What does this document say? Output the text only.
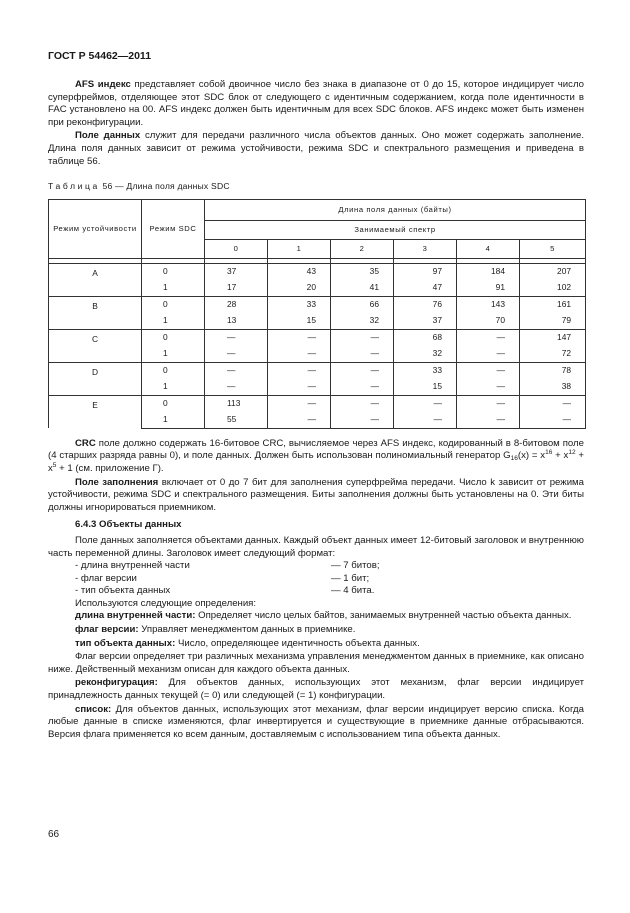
ГОСТ Р 54462—2011

AFS индекс представляет собой двоичное число без знака в диапазоне от 0 до 15, которое индицирует число суперфреймов, отделяющее этот SDC блок от следующего с идентичным содержанием, когда поле идентичности в FAC установлено на 00. AFS индекс должен быть идентичным для всех SDC блоков. AFS индекс может быть изменен при реконфигурации.

Поле данных служит для передачи различного числа объектов данных. Оно может содержать заполнение. Длина поля данных зависит от режима устойчивости, режима SDC и спектрального размещения и приведена в таблице 56.

Таблица 56 — Длина поля данных SDC
Режим устойчивости	Режим SDC	Длина поля данных (байты)					
		Занимаемый спектр					
		0	1	2	3	4	5

A	0	37	43	35	97	184	207
	1	17	20	41	47	91	102
B	0	28	33	66	76	143	161
	1	13	15	32	37	70	79
C	0	—	—	—	68	—	147
	1	—	—	—	32	—	72
D	0	—	—	—	33	—	78
	1	—	—	—	15	—	38
E	0	113	—	—	—	—	—
	1	55	—	—	—	—	—

CRC поле должно содержать 16-битовое CRC, вычисляемое через AFS индекс, кодированный в 8-битовом поле (4 старших разряда равны 0), и поле данных. Должен быть использован полиномиальный генератор $G_{16}(x) = x^{16} + x^{12} + x^5 + 1$ (см. приложение Г).

Поле заполнения включает от 0 до 7 бит для заполнения суперфрейма передачи. Число k зависит от режима устойчивости, режима SDC и спектрального размещения. Биты заполнения должны быть установлены на 0. Эти биты должны игнорироваться приемником.

6.4.3 Объекты данных

Поле данных заполняется объектами данных. Каждый объект данных имеет 12-битовый заголовок и внутреннюю часть переменной длины. Заголовок имеет следующий формат:

- длина внутренней части	— 7 битов;
- флаг версии	— 1 бит;
- тип объекта данных	— 4 бита.

Используются следующие определения:

длина внутренней части: Определяет число целых байтов, занимаемых внутренней частью объекта данных.

флаг версии: Управляет менеджментом данных в приемнике.

тип объекта данных: Число, определяющее идентичность объекта данных.

Флаг версии определяет три различных механизма управления менеджментом данных в приемнике, как описано ниже. Действенный механизм описан для каждого объекта данных.

реконфигурация: Для объектов данных, использующих этот механизм, флаг версии индицирует принадлежность данных текущей (= 0) или следующей (= 1) конфигурации.

список: Для объектов данных, использующих этот механизм, флаг версии индицирует версию списка. Когда любые данные в списке изменяются, флаг инвертируется и существующие в приемнике данные отбрасываются. Версия флага применяется ко всем данным, доставляемым с использованием типа объекта данных.

66
